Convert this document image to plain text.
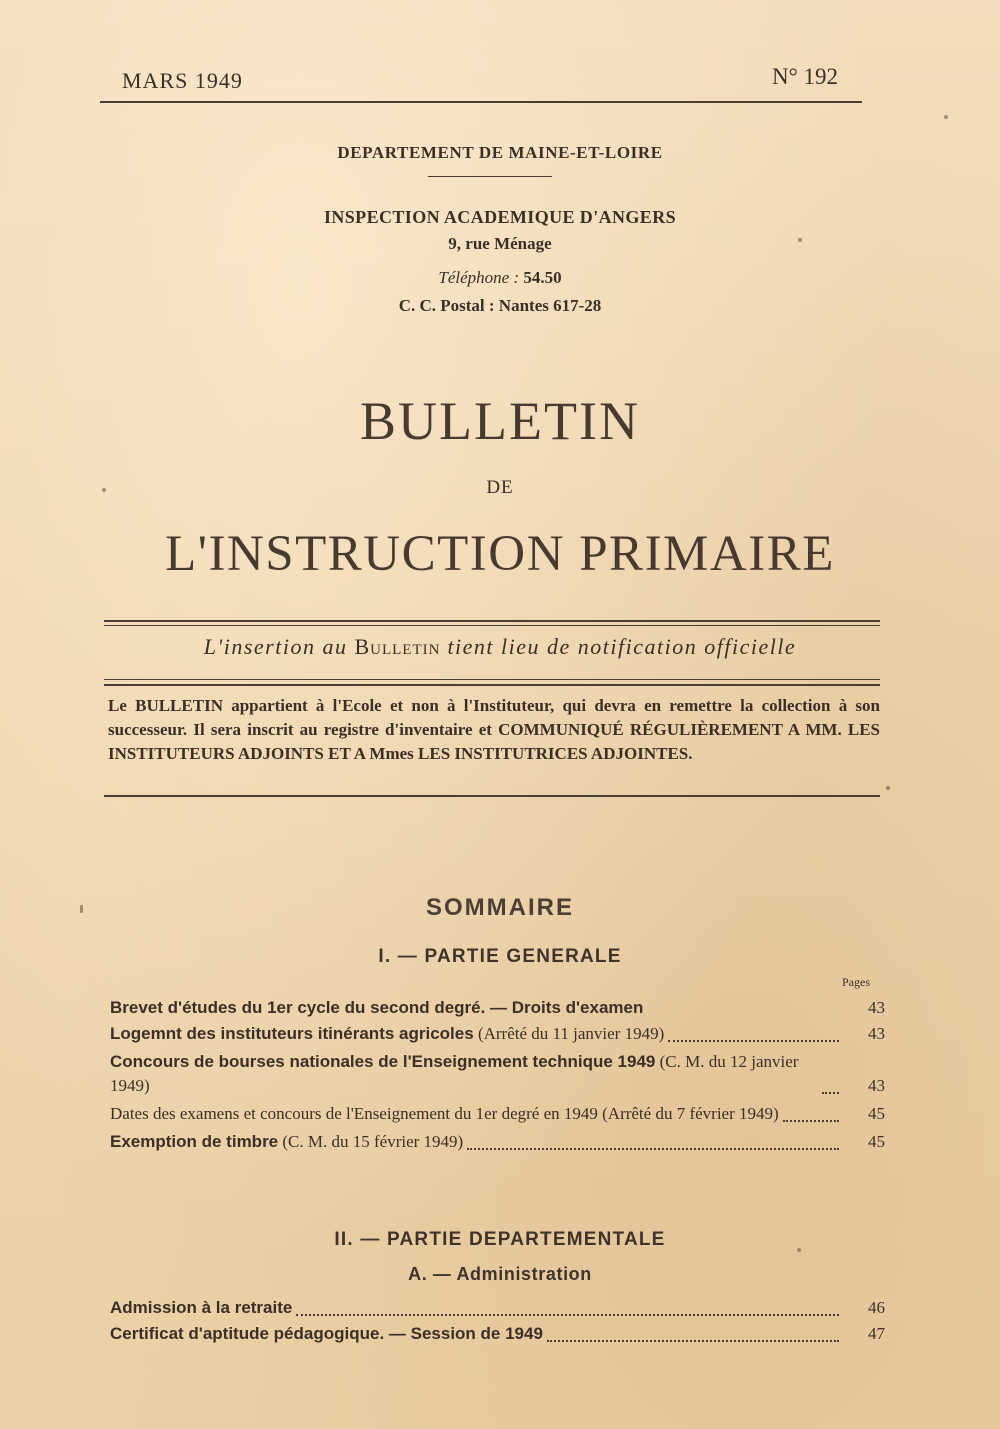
MARS 1949	N° 192
DEPARTEMENT DE MAINE-ET-LOIRE
INSPECTION ACADEMIQUE D'ANGERS
9, rue Ménage
Téléphone : 54.50
C. C. Postal : Nantes 617-28
BULLETIN
DE
L'INSTRUCTION PRIMAIRE
L'insertion au Bulletin tient lieu de notification officielle
Le BULLETIN appartient à l'Ecole et non à l'Instituteur, qui devra en remettre la collection à son successeur. Il sera inscrit au registre d'inventaire et COMMUNIQUÉ RÉGULIÈREMENT A MM. LES INSTITUTEURS ADJOINTS ET A Mmes LES INSTITUTRICES ADJOINTES.
SOMMAIRE
I. — PARTIE GENERALE
Pages
Brevet d'études du 1er cycle du second degré. — Droits d'examen	43
Logemnt des instituteurs itinérants agricoles (Arrêté du 11 janvier 1949)	43
Concours de bourses nationales de l'Enseignement technique 1949 (C. M. du 12 janvier 1949)	43
Dates des examens et concours de l'Enseignement du 1er degré en 1949 (Arrêté du 7 février 1949)	45
Exemption de timbre (C. M. du 15 février 1949)	45
II. — PARTIE DEPARTEMENTALE
A. — Administration
Admission à la retraite	46
Certificat d'aptitude pédagogique. — Session de 1949	47
